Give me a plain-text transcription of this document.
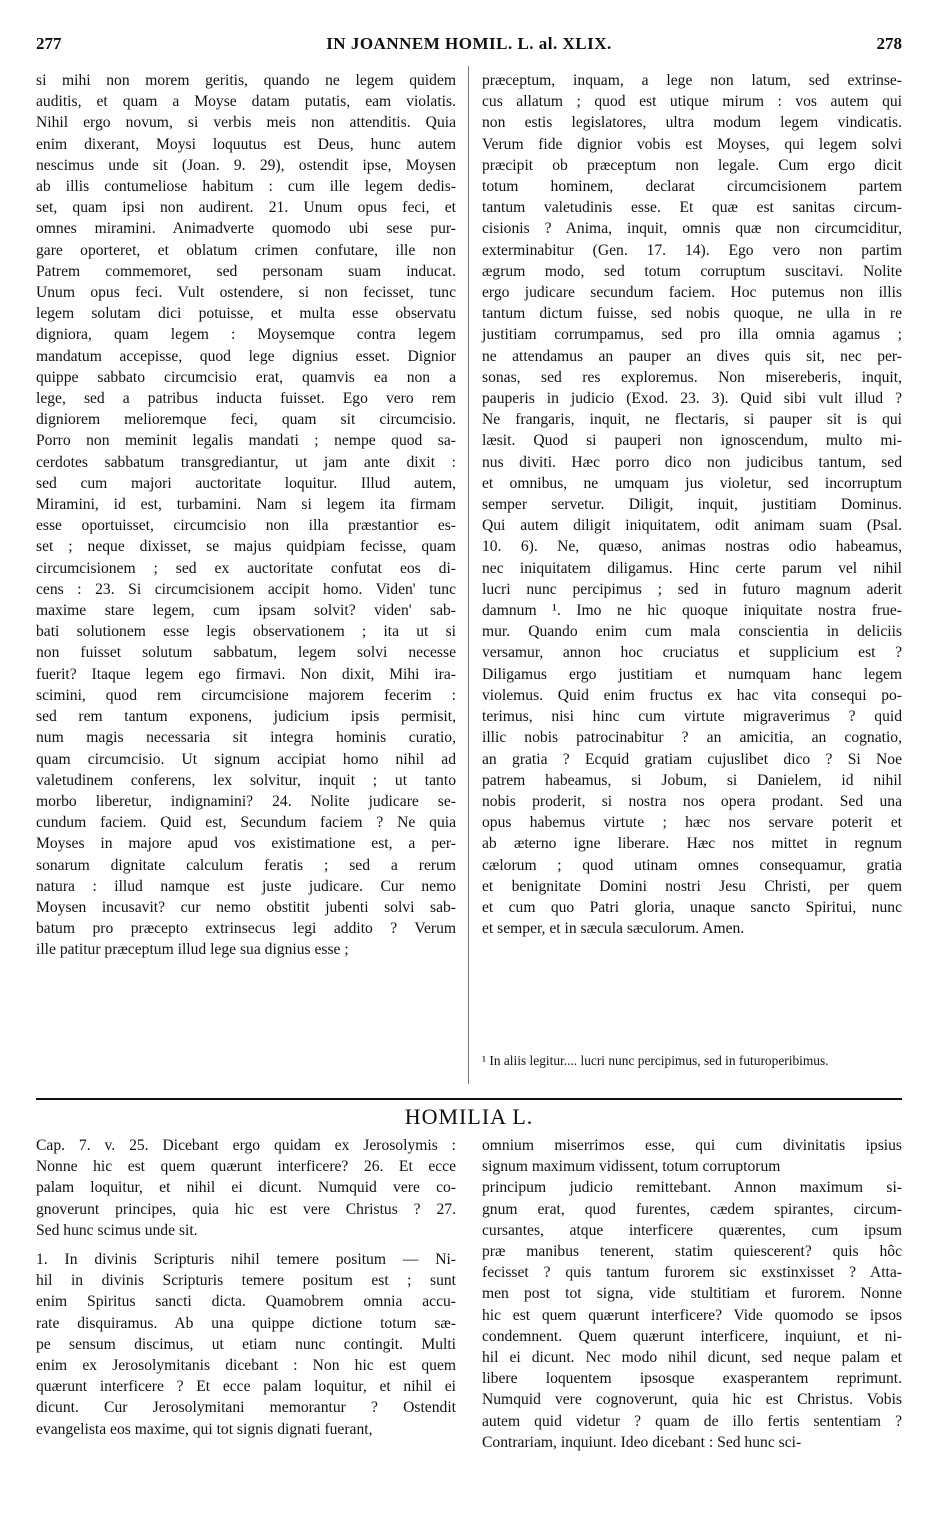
277	IN JOANNEM HOMIL. L. al. XLIX.	278
si mihi non morem geritis, quando ne legem quidem
auditis, et quam a Moyse datam putatis, eam violatis.
Nihil ergo novum, si verbis meis non attenditis. Quia
enim dixerant, Moysi loquutus est Deus, hunc autem
nescimus unde sit (Joan. 9. 29), ostendit ipse, Moysen
ab illis contumeliose habitum : cum ille legem dedis-
set, quam ipsi non audirent. 21. Unum opus feci, et
omnes miramini. Animadverte quomodo ubi sese pur-
gare oporteret, et oblatum crimen confutare, ille non
Patrem commemoret, sed personam suam inducat.
Unum opus feci. Vult ostendere, si non fecisset, tunc
legem solutam dici potuisse, et multa esse observatu
digniora, quam legem : Moysemque contra legem
mandatum accepisse, quod lege dignius esset. Dignior
quippe sabbato circumcisio erat, quamvis ea non a
lege, sed a patribus inducta fuisset. Ego vero rem
digniorem melioremque feci, quam sit circumcisio.
Porro non meminit legalis mandati ; nempe quod sa-
cerdotes sabbatum transgrediantur, ut jam ante dixit :
sed cum majori auctoritate loquitur. Illud autem,
Miramini, id est, turbamini. Nam si legem ita firmam
esse oportuisset, circumcisio non illa præstantior es-
set ; neque dixisset, se majus quidpiam fecisse, quam
circumcisionem ; sed ex auctoritate confutat eos di-
cens : 23. Si circumcisionem accipit homo. Viden' tunc
maxime stare legem, cum ipsam solvit? viden' sab-
bati solutionem esse legis observationem ; ita ut si
non fuisset solutum sabbatum, legem solvi necesse
fuerit? Itaque legem ego firmavi. Non dixit, Mihi ira-
scimini, quod rem circumcisione majorem fecerim :
sed rem tantum exponens, judicium ipsis permisit,
num magis necessaria sit integra hominis curatio,
quam circumcisio. Ut signum accipiat homo nihil ad
valetudinem conferens, lex solvitur, inquit ; ut tanto
morbo liberetur, indignamini? 24. Nolite judicare se-
cundum faciem. Quid est, Secundum faciem ? Ne quia
Moyses in majore apud vos existimatione est, a per-
sonarum dignitate calculum feratis ; sed a rerum
natura : illud namque est juste judicare. Cur nemo
Moysen incusavit? cur nemo obstitit jubenti solvi sab-
batum pro præcepto extrinsecus legi addito ? Verum
ille patitur præceptum illud lege sua dignius esse ;
præceptum, inquam, a lege non latum, sed extrinse-
cus allatum ; quod est utique mirum : vos autem qui
non estis legislatores, ultra modum legem vindicatis.
Verum fide dignior vobis est Moyses, qui legem solvi
præcipit ob præceptum non legale. Cum ergo dicit
totum hominem, declarat circumcisionem partem
tantum valetudinis esse. Et quæ est sanitas circum-
cisionis ? Anima, inquit, omnis quæ non circumciditur,
exterminabitur (Gen. 17. 14). Ego vero non partim
ægrum modo, sed totum corruptum suscitavi. Nolite
ergo judicare secundum faciem. Hoc putemus non illis
tantum dictum fuisse, sed nobis quoque, ne ulla in re
justitiam corrumpamus, sed pro illa omnia agamus ;
ne attendamus an pauper an dives quis sit, nec per-
sonas, sed res exploremus. Non misereberis, inquit,
pauperis in judicio (Exod. 23. 3). Quid sibi vult illud ?
Ne frangaris, inquit, ne flectaris, si pauper sit is qui
læsit. Quod si pauperi non ignoscendum, multo mi-
nus diviti. Hæc porro dico non judicibus tantum, sed
et omnibus, ne umquam jus violetur, sed incorruptum
semper servetur. Diligit, inquit, justitiam Dominus.
Qui autem diligit iniquitatem, odit animam suam (Psal.
10. 6). Ne, quæso, animas nostras odio habeamus,
nec iniquitatem diligamus. Hinc certe parum vel nihil
lucri nunc percipimus ; sed in futuro magnum aderit
damnum ¹. Imo ne hic quoque iniquitate nostra frue-
mur. Quando enim cum mala conscientia in deliciis
versamur, annon hoc cruciatus et supplicium est ?
Diligamus ergo justitiam et numquam hanc legem
violemus. Quid enim fructus ex hac vita consequi po-
terimus, nisi hinc cum virtute migraverimus ? quid
illic nobis patrocinabitur ? an amicitia, an cognatio,
an gratia ? Ecquid gratiam cujuslibet dico ? Si Noe
patrem habeamus, si Jobum, si Danielem, id nihil
nobis proderit, si nostra nos opera prodant. Sed una
opus habemus virtute ; hæc nos servare poterit et
ab æterno igne liberare. Hæc nos mittet in regnum
cælorum ; quod utinam omnes consequamur, gratia
et benignitate Domini nostri Jesu Christi, per quem
et cum quo Patri gloria, unaque sancto Spiritui, nunc
et semper, et in sæcula sæculorum. Amen.
¹ In aliis legitur.... lucri nunc percipimus, sed in futuroperibimus.
HOMILIA L.
Cap. 7. v. 25. Dicebant ergo quidam ex Jerosolymis :
Nonne hic est quem quærunt interficere? 26. Et ecce
palam loquitur, et nihil ei dicunt. Numquid vere co-
gnoverunt principes, quia hic est vere Christus ? 27.
Sed hunc scimus unde sit.

1. In divinis Scripturis nihil temere positum — Ni-
hil in divinis Scripturis temere positum est ; sunt
enim Spiritus sancti dicta. Quamobrem omnia accu-
rate disquiramus. Ab una quippe dictione totum sæ-
pe sensum discimus, ut etiam nunc contingit. Multi
enim ex Jerosolymitanis dicebant : Non hic est quem
quærunt interficere ? Et ecce palam loquitur, et nihil ei
dicunt. Cur Jerosolymitani memorantur ? Ostendit
evangelista eos maxime, qui tot signis dignati fuerant,
omnium miserrimos esse, qui cum divinitatis ipsius
signum maximum vidissent, totum corruptorum
principum judicio remittebant. Annon maximum si-
gnum erat, quod furentes, cædem spirantes, circum-
cursantes, atque interficere quærentes, cum ipsum
præ manibus tenerent, statim quiescerent? quis hôc
fecisset ? quis tantum furorem sic exstinxisset ? Atta-
men post tot signa, vide stultitiam et furorem. Nonne
hic est quem quærunt interficere? Vide quomodo se ipsos
condemnent. Quem quærunt interficere, inquiunt, et ni-
hil ei dicunt. Nec modo nihil dicunt, sed neque palam et
libere loquentem ipsosque exasperantem reprimunt.
Numquid vere cognoverunt, quia hic est Christus. Vobis
autem quid videtur ? quam de illo fertis sententiam ?
Contrariam, inquiunt. Ideo dicebant : Sed hunc sci-
